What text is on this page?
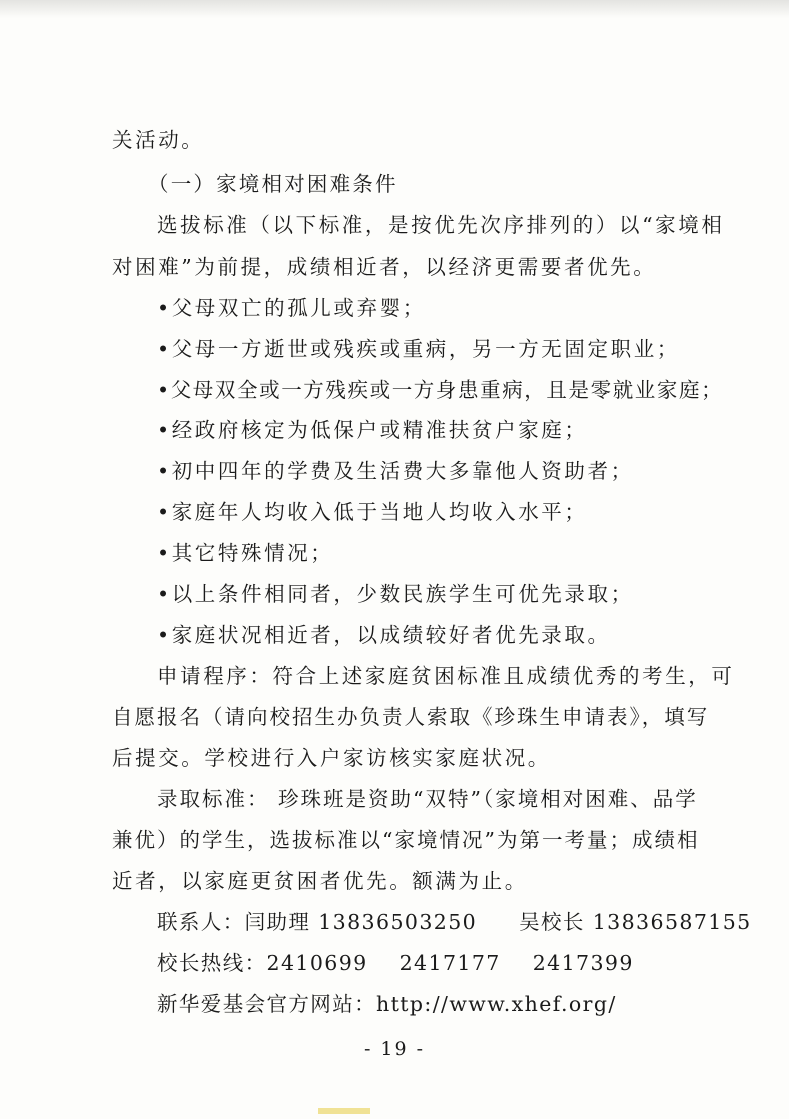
关活动。
（一）家境相对困难条件
选拔标准（以下标准，是按优先次序排列的）以“家境相
对困难”为前提，成绩相近者，以经济更需要者优先。
•父母双亡的孤儿或弃婴；
•父母一方逝世或残疾或重病，另一方无固定职业；
•父母双全或一方残疾或一方身患重病，且是零就业家庭；
•经政府核定为低保户或精准扶贫户家庭；
•初中四年的学费及生活费大多靠他人资助者；
•家庭年人均收入低于当地人均收入水平；
•其它特殊情况；
•以上条件相同者，少数民族学生可优先录取；
•家庭状况相近者，以成绩较好者优先录取。
申请程序：符合上述家庭贫困标准且成绩优秀的考生，可
自愿报名（请向校招生办负责人索取《珍珠生申请表》，填写
后提交。学校进行入户家访核实家庭状况。
录取标准： 珍珠班是资助“双特”（家境相对困难、品学
兼优）的学生，选拔标准以“家境情况”为第一考量；成绩相
近者，以家庭更贫困者优先。额满为止。
联系人：闫助理 13836503250 吴校长 13836587155
校长热线：2410699 2417177 2417399
新华爱基会官方网站：http://www.xhef.org/
- 19 -
